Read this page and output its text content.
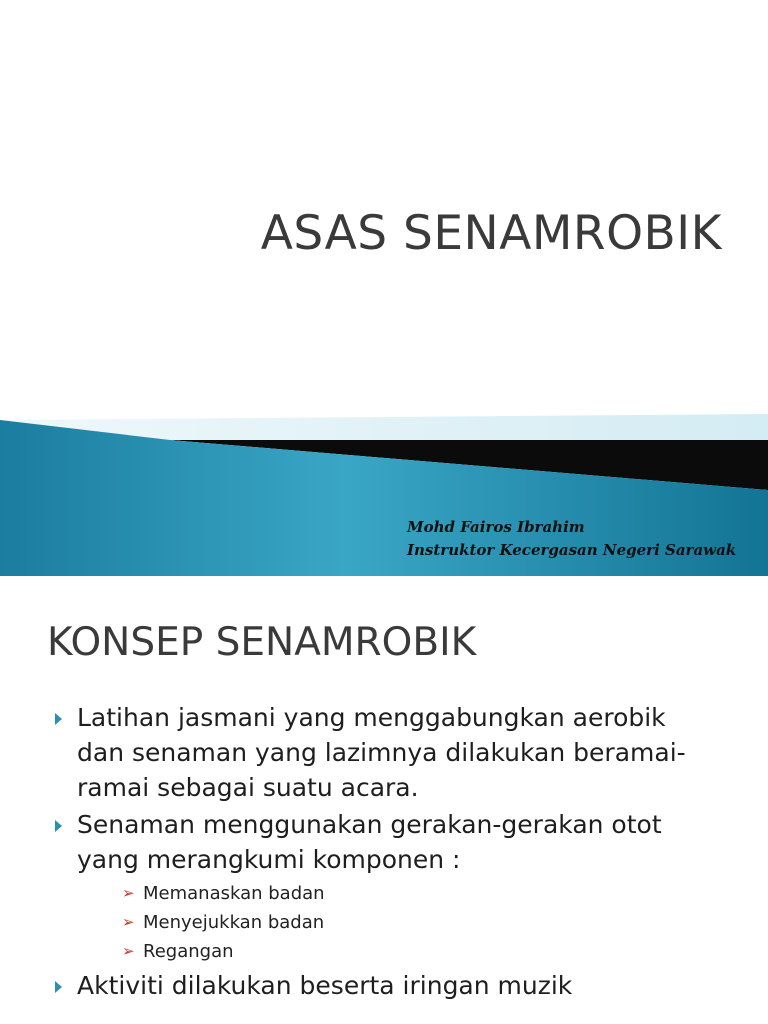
ASAS SENAMROBIK
Mohd Fairos Ibrahim
Instruktor Kecergasan Negeri Sarawak
KONSEP SENAMROBIK
Latihan jasmani yang menggabungkan aerobik dan senaman yang lazimnya dilakukan beramai-ramai sebagai suatu acara.
Senaman menggunakan gerakan-gerakan otot yang merangkumi komponen :
➢ Memanaskan badan
➢ Menyejukkan badan
➢ Regangan
Aktiviti dilakukan beserta iringan muzik
